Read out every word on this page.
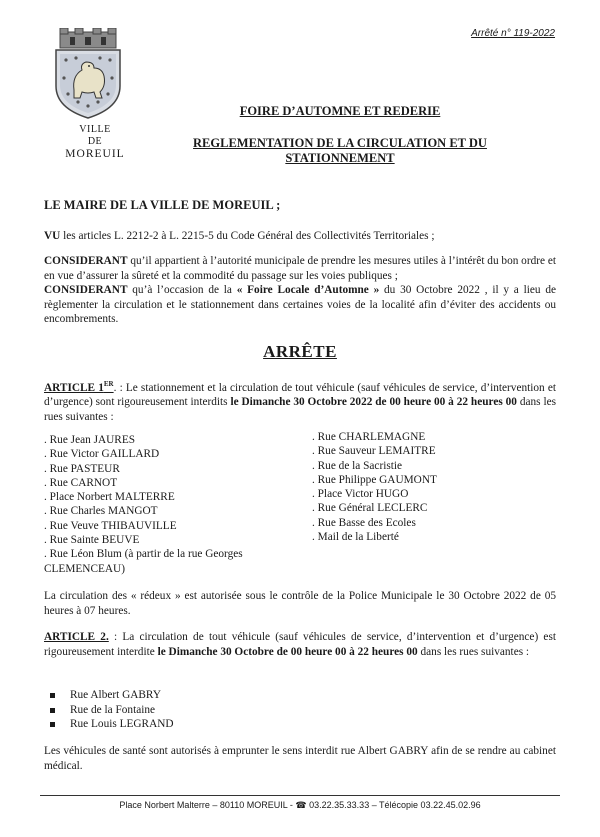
Arrêté n° 119-2022
VILLE
DE
MOREUIL
FOIRE D’AUTOMNE ET REDERIE
REGLEMENTATION DE LA CIRCULATION ET DU
STATIONNEMENT
LE MAIRE DE LA VILLE DE MOREUIL ;
VU les articles L. 2212-2 à L. 2215-5 du Code Général des Collectivités Territoriales ;
CONSIDERANT qu’il appartient à l’autorité municipale de prendre les mesures utiles à l’intérêt du bon ordre et en vue d’assurer la sûreté et la commodité du passage sur les voies publiques ;
CONSIDERANT qu’à l’occasion de la « Foire Locale d’Automne » du 30 Octobre 2022 , il y a lieu de règlementer la circulation et le stationnement dans certaines voies de la localité afin d’éviter des accidents ou encombrements.
ARRÊTE
ARTICLE 1ER. : Le stationnement et la circulation de tout véhicule (sauf véhicules de service, d’intervention et d’urgence) sont rigoureusement interdits le Dimanche 30 Octobre 2022 de 00 heure 00 à 22 heures 00 dans les rues suivantes :
. Rue Jean JAURES
. Rue Victor GAILLARD
. Rue PASTEUR
. Rue CARNOT
. Place Norbert MALTERRE
. Rue Charles MANGOT
. Rue Veuve THIBAUVILLE
. Rue Sainte BEUVE
. Rue Léon Blum (à partir de la rue Georges
CLEMENCEAU)
. Rue CHARLEMAGNE
. Rue Sauveur LEMAITRE
. Rue de la Sacristie
. Rue Philippe GAUMONT
. Place Victor HUGO
. Rue Général LECLERC
. Rue Basse des Ecoles
. Mail de la Liberté
La circulation des « rédeux » est autorisée sous le contrôle de la Police Municipale le 30 Octobre 2022 de 05 heures à 07 heures.
ARTICLE 2. : La circulation de tout véhicule (sauf véhicules de service, d’intervention et d’urgence) est rigoureusement interdite le Dimanche 30 Octobre de 00 heure 00 à 22 heures 00 dans les rues suivantes :
Rue Albert GABRY
Rue de la Fontaine
Rue Louis LEGRAND
Les véhicules de santé sont autorisés à emprunter le sens interdit rue Albert GABRY afin de se rendre au cabinet médical.
Place Norbert Malterre – 80110 MOREUIL - ☎ 03.22.35.33.33 – Télécopie 03.22.45.02.96
